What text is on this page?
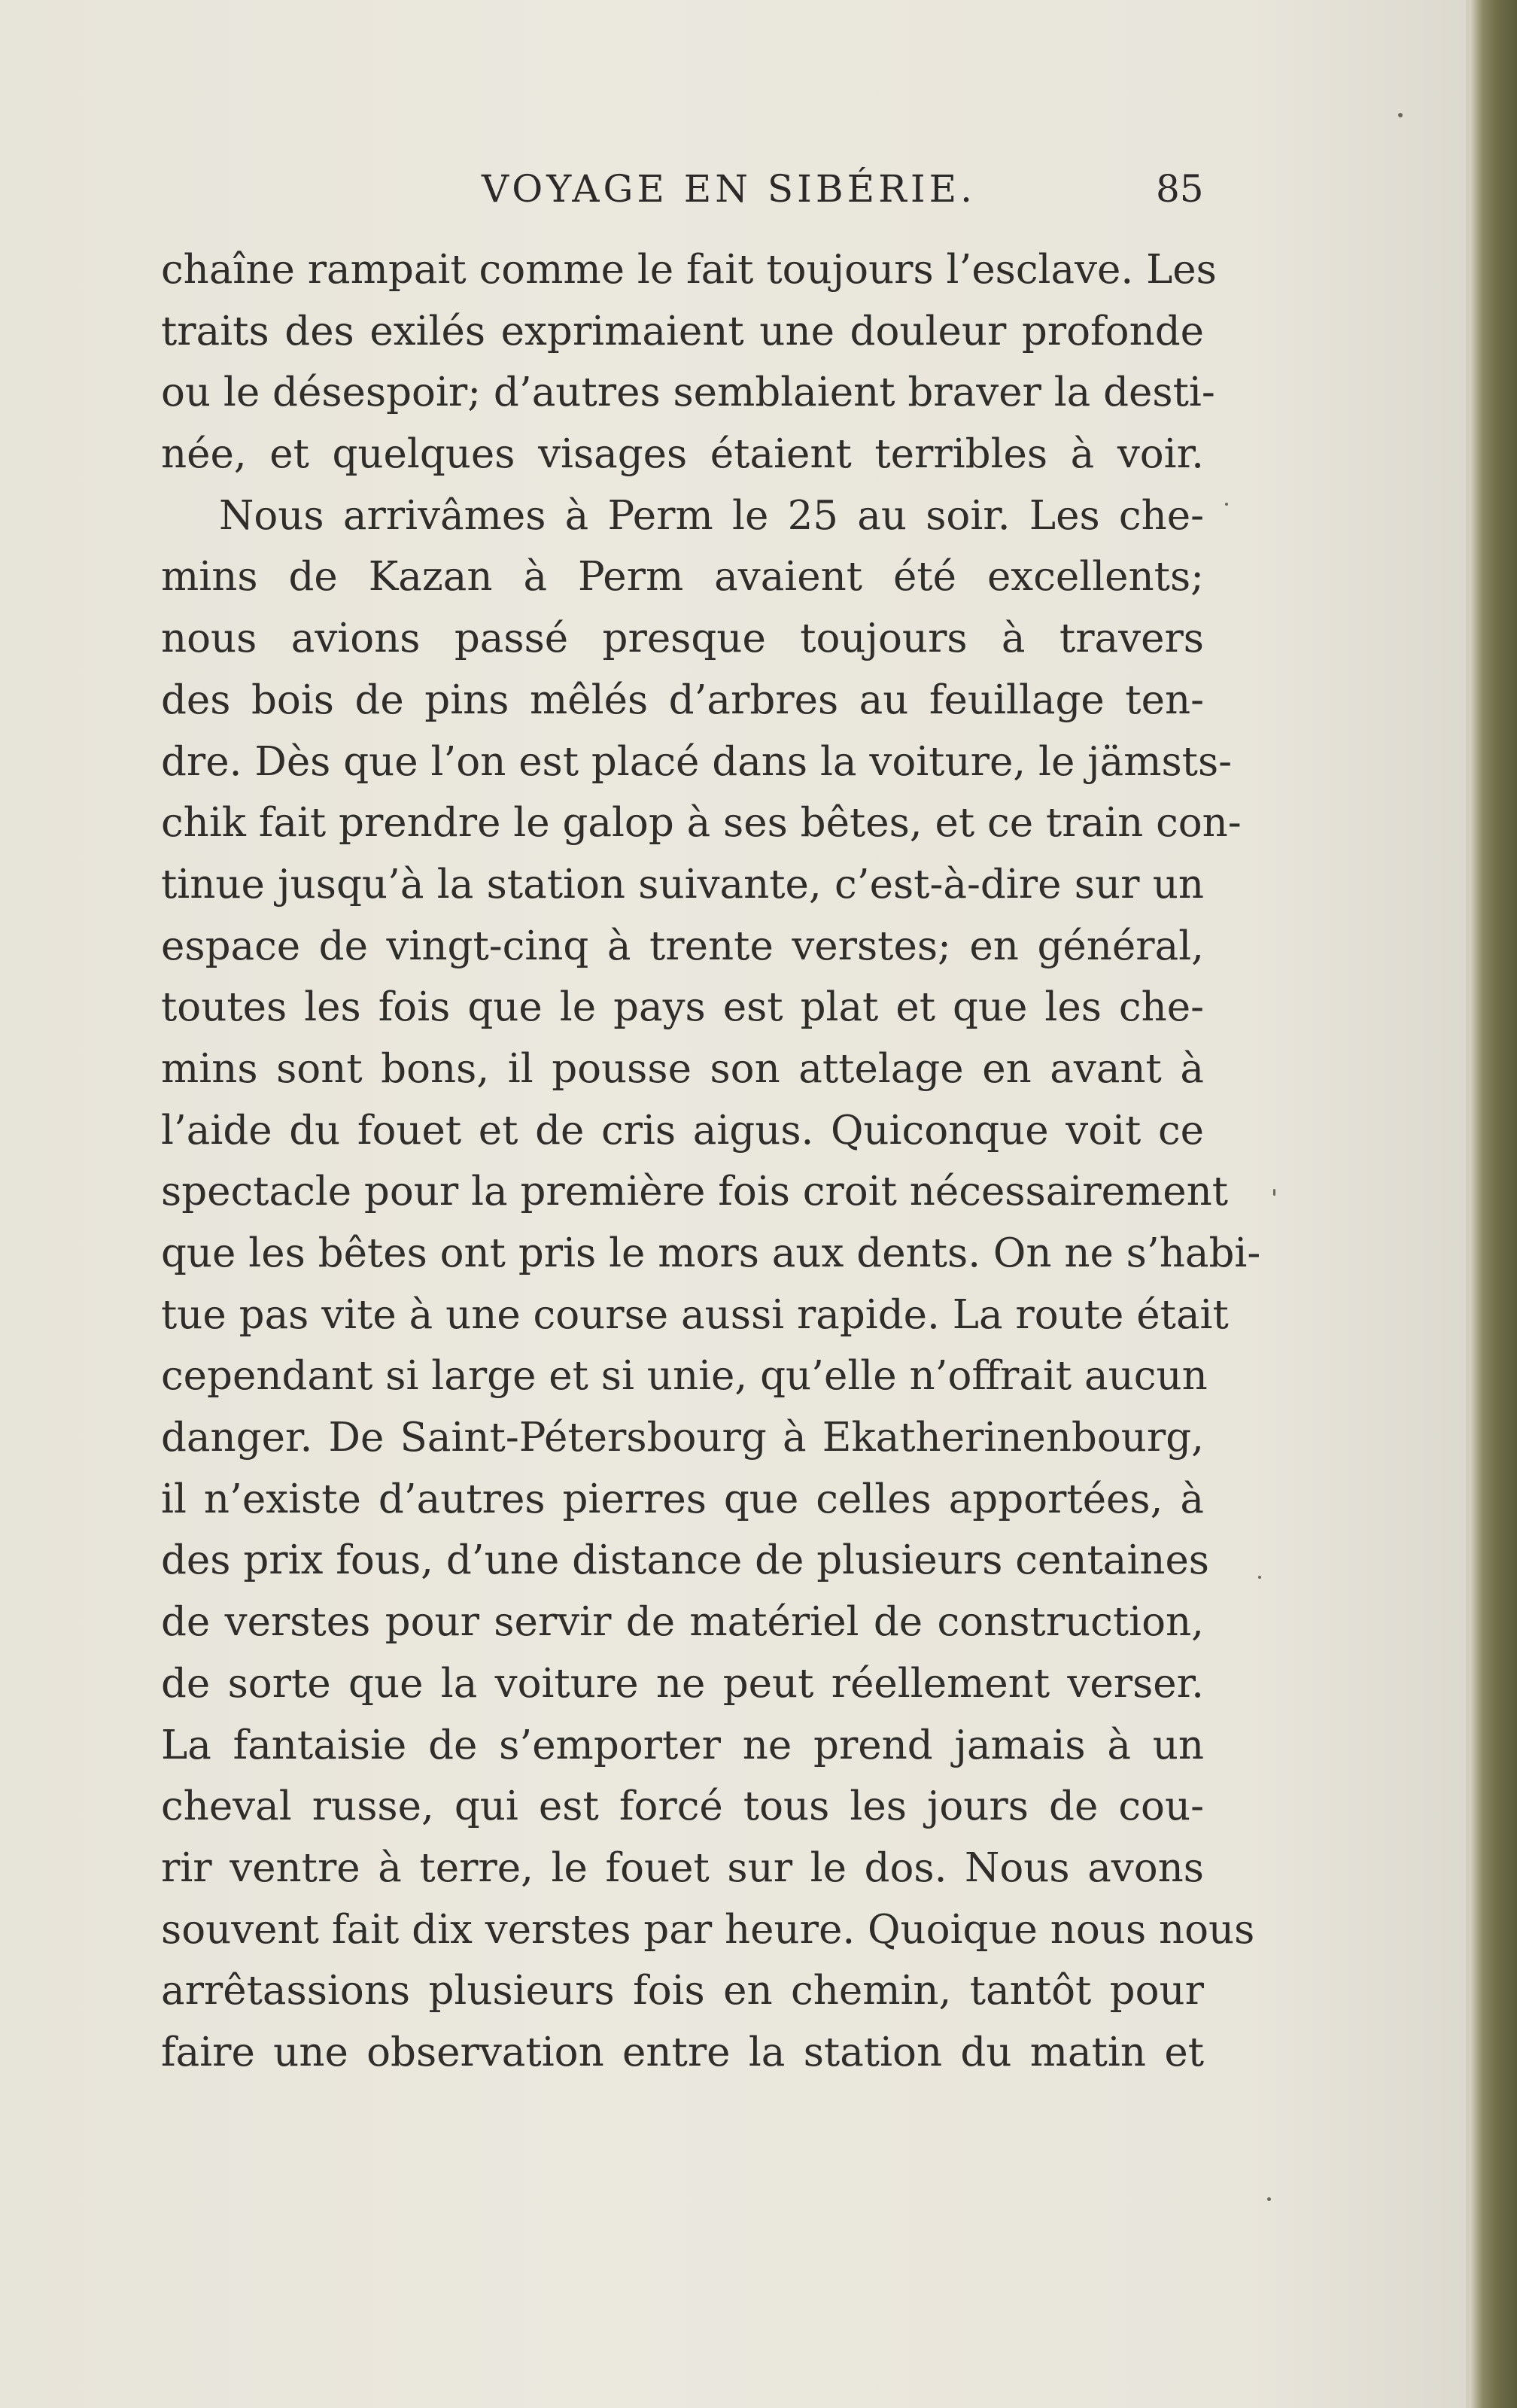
VOYAGE EN SIBÉRIE.	85
chaîne rampait comme le fait toujours l’esclave. Les
traits des exilés exprimaient une douleur profonde
ou le désespoir; d’autres semblaient braver la desti-
née, et quelques visages étaient terribles à voir.
Nous arrivâmes à Perm le 25 au soir. Les che-
mins de Kazan à Perm avaient été excellents;
nous avions passé presque toujours à travers
des bois de pins mêlés d’arbres au feuillage ten-
dre. Dès que l’on est placé dans la voiture, le jämsts-
chik fait prendre le galop à ses bêtes, et ce train con-
tinue jusqu’à la station suivante, c’est-à-dire sur un
espace de vingt-cinq à trente verstes; en général,
toutes les fois que le pays est plat et que les che-
mins sont bons, il pousse son attelage en avant à
l’aide du fouet et de cris aigus. Quiconque voit ce
spectacle pour la première fois croit nécessairement
que les bêtes ont pris le mors aux dents. On ne s’habi-
tue pas vite à une course aussi rapide. La route était
cependant si large et si unie, qu’elle n’offrait aucun
danger. De Saint-Pétersbourg à Ekatherinenbourg,
il n’existe d’autres pierres que celles apportées, à
des prix fous, d’une distance de plusieurs centaines
de verstes pour servir de matériel de construction,
de sorte que la voiture ne peut réellement verser.
La fantaisie de s’emporter ne prend jamais à un
cheval russe, qui est forcé tous les jours de cou-
rir ventre à terre, le fouet sur le dos. Nous avons
souvent fait dix verstes par heure. Quoique nous nous
arrêtassions plusieurs fois en chemin, tantôt pour
faire une observation entre la station du matin et
